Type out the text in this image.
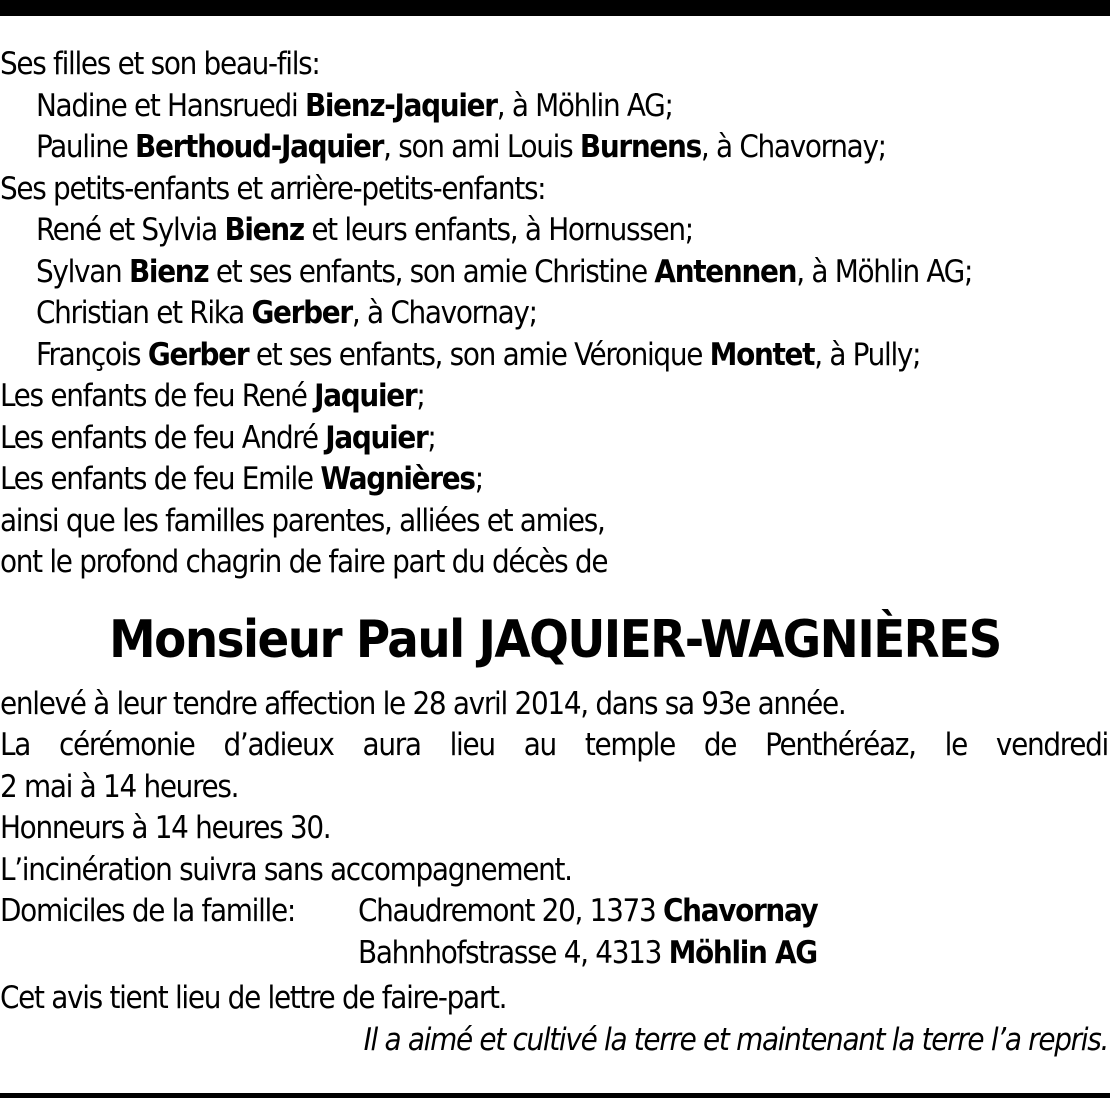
Ses filles et son beau-fils:
Nadine et Hansruedi Bienz-Jaquier, à Möhlin AG;
Pauline Berthoud-Jaquier, son ami Louis Burnens, à Chavornay;
Ses petits-enfants et arrière-petits-enfants:
René et Sylvia Bienz et leurs enfants, à Hornussen;
Sylvan Bienz et ses enfants, son amie Christine Antennen, à Möhlin AG;
Christian et Rika Gerber, à Chavornay;
François Gerber et ses enfants, son amie Véronique Montet, à Pully;
Les enfants de feu René Jaquier;
Les enfants de feu André Jaquier;
Les enfants de feu Emile Wagnières;
ainsi que les familles parentes, alliées et amies,
ont le profond chagrin de faire part du décès de
Monsieur Paul JAQUIER-WAGNIÈRES
enlevé à leur tendre affection le 28 avril 2014, dans sa 93e année.
La cérémonie d’adieux aura lieu au temple de Penthéréaz, le vendredi
2 mai à 14 heures.
Honneurs à 14 heures 30.
L’incinération suivra sans accompagnement.
Domiciles de la famille:Chaudremont 20, 1373 Chavornay
Bahnhofstrasse 4, 4313 Möhlin AG
Cet avis tient lieu de lettre de faire-part.
Il a aimé et cultivé la terre et maintenant la terre l’a repris.
